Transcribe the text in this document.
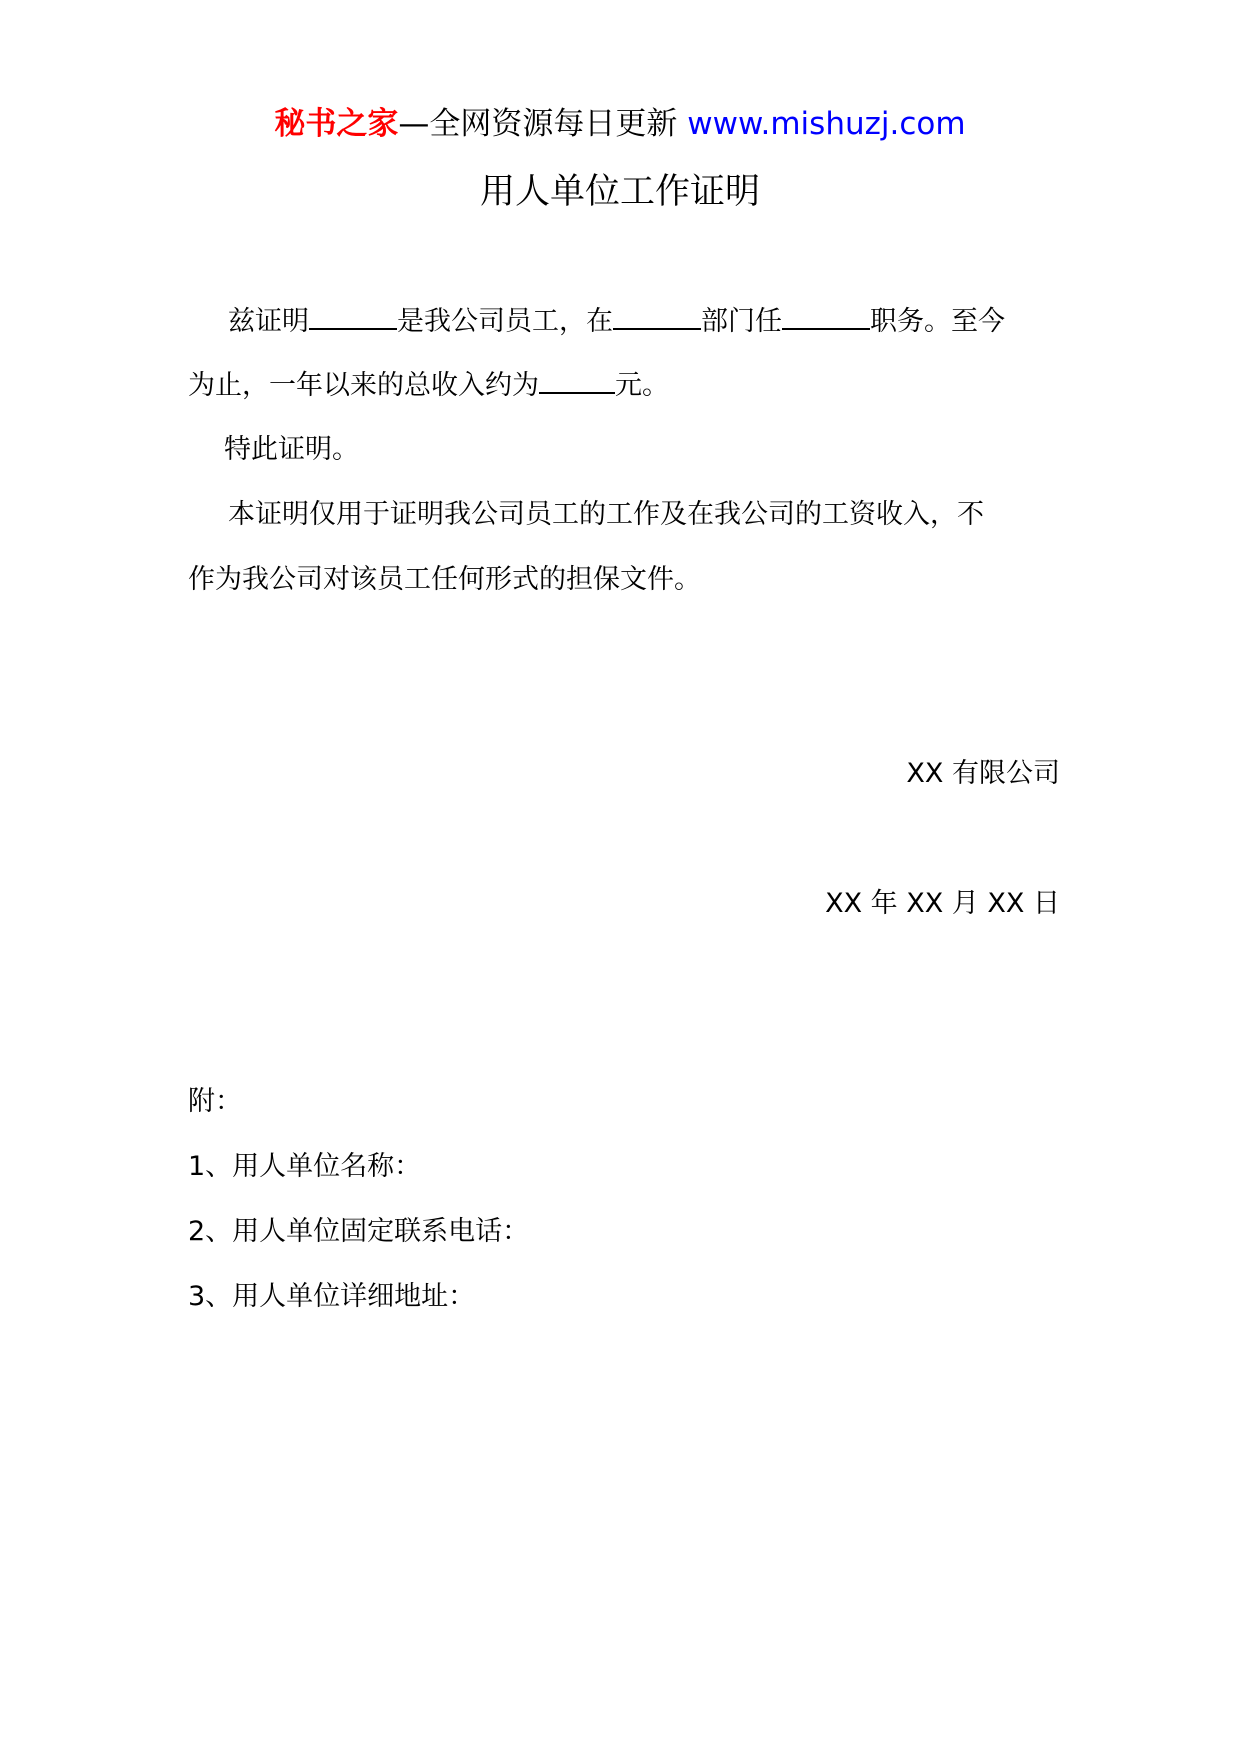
秘书之家—全网资源每日更新 www.mishuzj.com
用人单位工作证明
兹证明	是我公司员工，在	部门任	职务。至今
为止，一年以来的总收入约为	元。
特此证明。
本证明仅用于证明我公司员工的工作及在我公司的工资收入，不
作为我公司对该员工任何形式的担保文件。
XX 有限公司
XX 年 XX 月 XX 日
附：
1、用人单位名称：
2、用人单位固定联系电话：
3、用人单位详细地址：
